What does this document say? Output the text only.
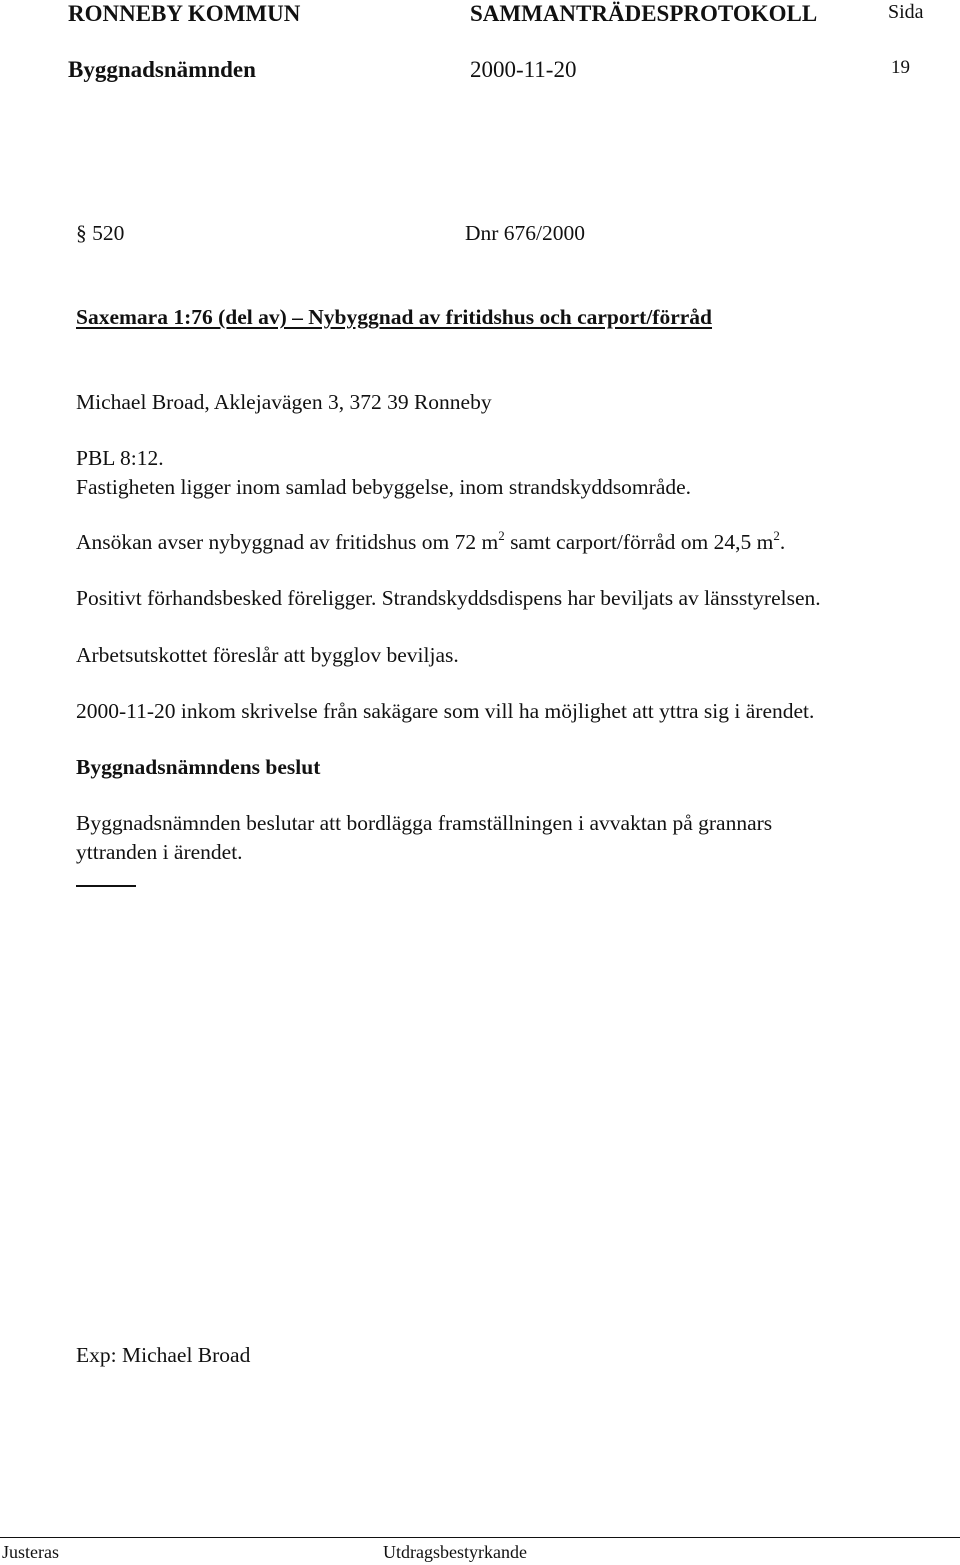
RONNEBY KOMMUN	SAMMANTRÄDESPROTOKOLL	Sida
Byggnadsnämnden	2000-11-20	19
§ 520	Dnr 676/2000
Saxemara 1:76 (del av) – Nybyggnad av fritidshus och carport/förråd
Michael Broad, Aklejavägen 3, 372 39 Ronneby
PBL 8:12.
Fastigheten ligger inom samlad bebyggelse, inom strandskyddsområde.
Ansökan avser nybyggnad av fritidshus om 72 $m^2$ samt carport/förråd om 24,5 $m^2$.
Positivt förhandsbesked föreligger. Strandskyddsdispens har beviljats av länsstyrelsen.
Arbetsutskottet föreslår att bygglov beviljas.
2000-11-20 inkom skrivelse från sakägare som vill ha möjlighet att yttra sig i ärendet.
Byggnadsnämndens beslut
Byggnadsnämnden beslutar att bordlägga framställningen i avvaktan på grannars
yttranden i ärendet.
Exp: Michael Broad
Justeras	Utdragsbestyrkande
